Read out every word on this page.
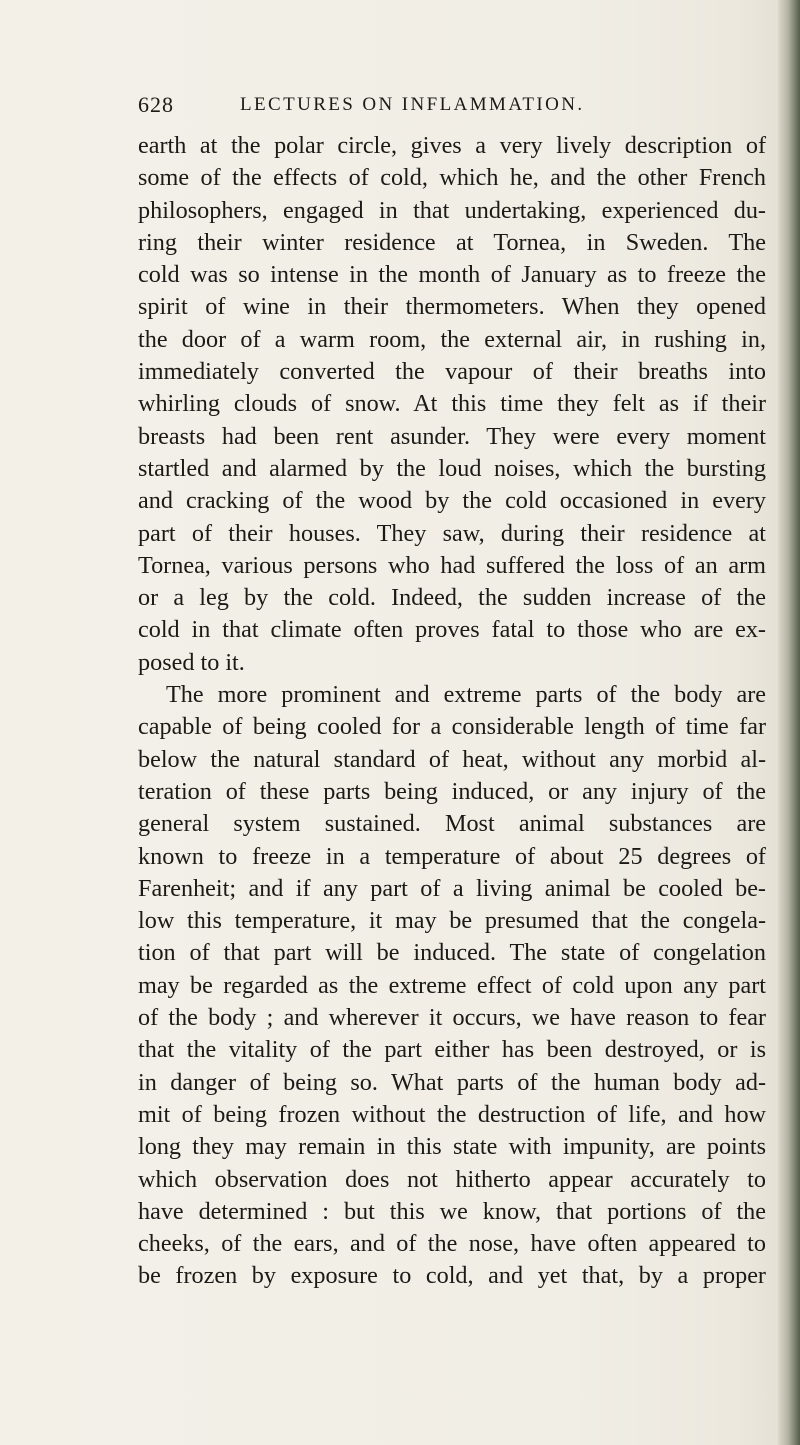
628	LECTURES ON INFLAMMATION.
earth at the polar circle, gives a very lively description of
some of the effects of cold, which he, and the other French
philosophers, engaged in that undertaking, experienced du-
ring their winter residence at Tornea, in Sweden. The
cold was so intense in the month of January as to freeze the
spirit of wine in their thermometers. When they opened
the door of a warm room, the external air, in rushing in,
immediately converted the vapour of their breaths into
whirling clouds of snow. At this time they felt as if their
breasts had been rent asunder. They were every moment
startled and alarmed by the loud noises, which the bursting
and cracking of the wood by the cold occasioned in every
part of their houses. They saw, during their residence at
Tornea, various persons who had suffered the loss of an arm
or a leg by the cold. Indeed, the sudden increase of the
cold in that climate often proves fatal to those who are ex-
posed to it.
The more prominent and extreme parts of the body are
capable of being cooled for a considerable length of time far
below the natural standard of heat, without any morbid al-
teration of these parts being induced, or any injury of the
general system sustained. Most animal substances are
known to freeze in a temperature of about 25 degrees of
Farenheit; and if any part of a living animal be cooled be-
low this temperature, it may be presumed that the congela-
tion of that part will be induced. The state of congelation
may be regarded as the extreme effect of cold upon any part
of the body ; and wherever it occurs, we have reason to fear
that the vitality of the part either has been destroyed, or is
in danger of being so. What parts of the human body ad-
mit of being frozen without the destruction of life, and how
long they may remain in this state with impunity, are points
which observation does not hitherto appear accurately to
have determined : but this we know, that portions of the
cheeks, of the ears, and of the nose, have often appeared to
be frozen by exposure to cold, and yet that, by a proper
